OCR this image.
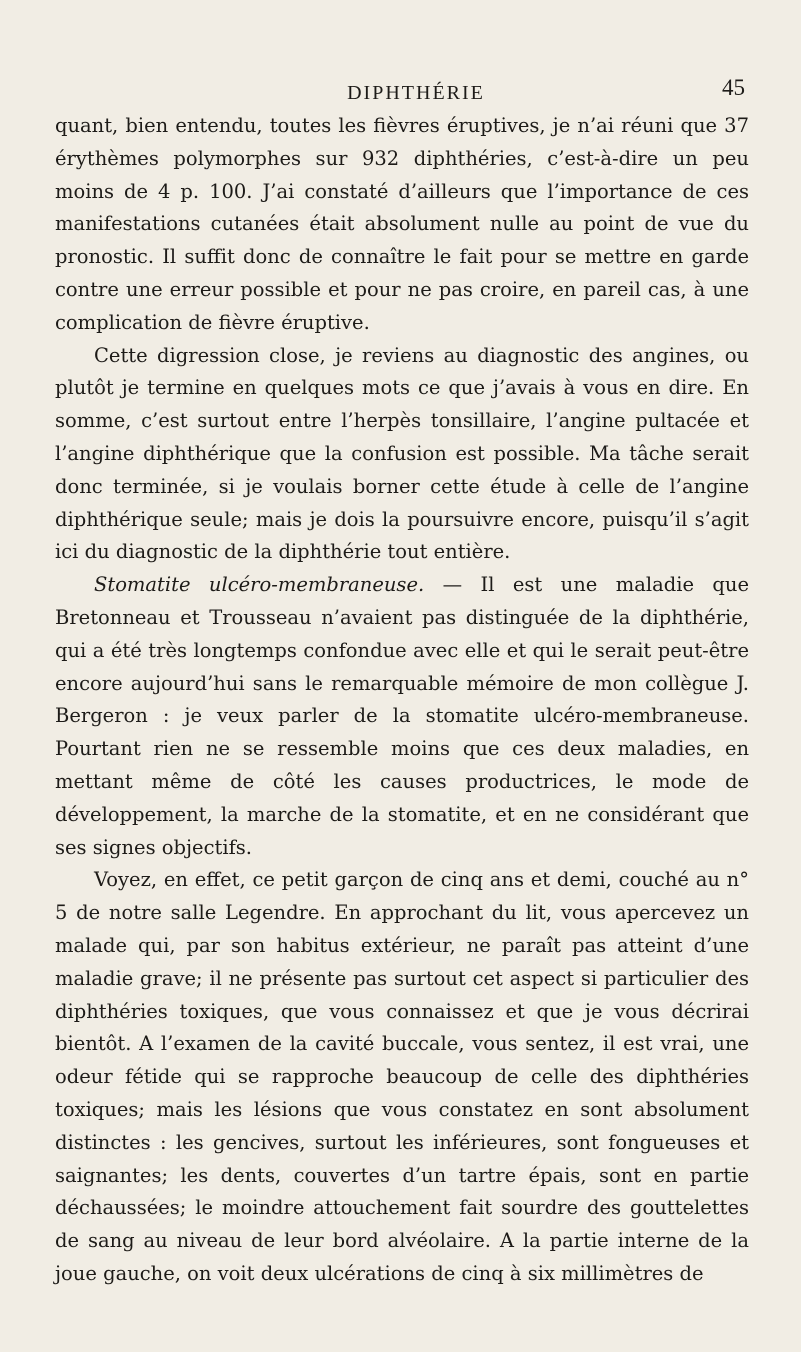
DIPHTHÉRIE	45

quant, bien entendu, toutes les fièvres éruptives, je n’ai réuni que 37 érythèmes polymorphes sur 932 diphthéries, c’est-à-dire un peu moins de 4 p. 100. J’ai constaté d’ailleurs que l’importance de ces manifestations cutanées était absolument nulle au point de vue du pronostic. Il suffit donc de connaître le fait pour se mettre en garde contre une erreur possible et pour ne pas croire, en pareil cas, à une complication de fièvre éruptive.

Cette digression close, je reviens au diagnostic des angines, ou plutôt je termine en quelques mots ce que j’avais à vous en dire. En somme, c’est surtout entre l’herpès tonsillaire, l’angine pultacée et l’angine diphthérique que la confusion est possible. Ma tâche serait donc terminée, si je voulais borner cette étude à celle de l’angine diphthérique seule; mais je dois la poursuivre encore, puisqu’il s’agit ici du diagnostic de la diphthérie tout entière.

Stomatite ulcéro-membraneuse. — Il est une maladie que Bretonneau et Trousseau n’avaient pas distinguée de la diphthérie, qui a été très longtemps confondue avec elle et qui le serait peut-être encore aujourd’hui sans le remarquable mémoire de mon collègue J. Bergeron : je veux parler de la stomatite ulcéro-membraneuse. Pourtant rien ne se ressemble moins que ces deux maladies, en mettant même de côté les causes productrices, le mode de développement, la marche de la stomatite, et en ne considérant que ses signes objectifs.

Voyez, en effet, ce petit garçon de cinq ans et demi, couché au n° 5 de notre salle Legendre. En approchant du lit, vous apercevez un malade qui, par son habitus extérieur, ne paraît pas atteint d’une maladie grave; il ne présente pas surtout cet aspect si particulier des diphthéries toxiques, que vous connaissez et que je vous décrirai bientôt. A l’examen de la cavité buccale, vous sentez, il est vrai, une odeur fétide qui se rapproche beaucoup de celle des diphthéries toxiques; mais les lésions que vous constatez en sont absolument distinctes : les gencives, surtout les inférieures, sont fongueuses et saignantes; les dents, couvertes d’un tartre épais, sont en partie déchaussées; le moindre attouchement fait sourdre des gouttelettes de sang au niveau de leur bord alvéolaire. A la partie interne de la joue gauche, on voit deux ulcérations de cinq à six millimètres de
